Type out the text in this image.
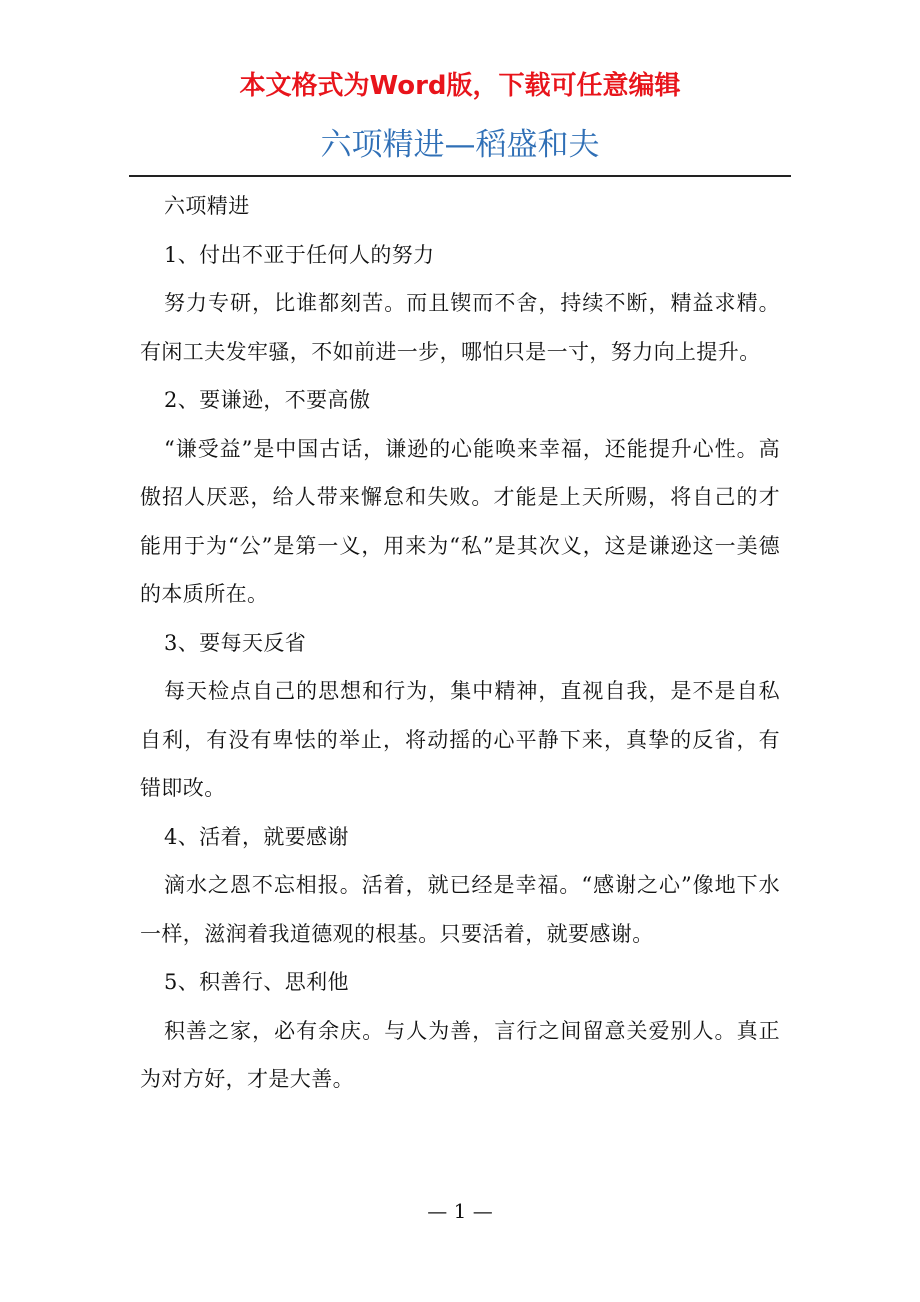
本文格式为Word版，下载可任意编辑
六项精进—稻盛和夫

六项精进

1、付出不亚于任何人的努力

努力专研，比谁都刻苦。而且锲而不舍，持续不断，精益求精。有闲工夫发牢骚，不如前进一步，哪怕只是一寸，努力向上提升。

2、要谦逊，不要高傲

“谦受益”是中国古话，谦逊的心能唤来幸福，还能提升心性。高傲招人厌恶，给人带来懈怠和失败。才能是上天所赐，将自己的才能用于为“公”是第一义，用来为“私”是其次义，这是谦逊这一美德的本质所在。

3、要每天反省

每天检点自己的思想和行为，集中精神，直视自我，是不是自私自利，有没有卑怯的举止，将动摇的心平静下来，真挚的反省，有错即改。

4、活着，就要感谢

滴水之恩不忘相报。活着，就已经是幸福。“感谢之心”像地下水一样，滋润着我道德观的根基。只要活着，就要感谢。

5、积善行、思利他

积善之家，必有余庆。与人为善，言行之间留意关爱别人。真正为对方好，才是大善。

— 1 —
